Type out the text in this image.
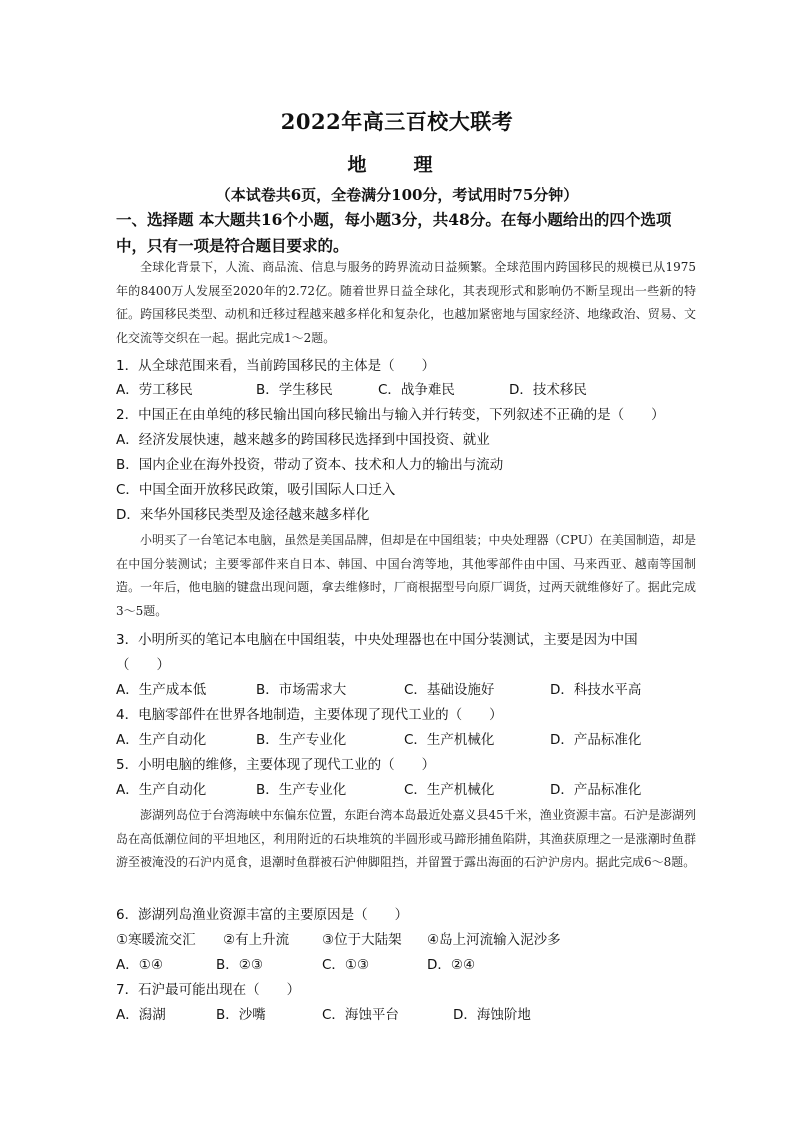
2022年高三百校大联考
地　理
（本试卷共6页，全卷满分100分，考试用时75分钟）
一、选择题 本大题共16个小题，每小题3分，共48分。在每小题给出的四个选项中，只有一项是符合题目要求的。
全球化背景下，人流、商品流、信息与服务的跨界流动日益频繁。全球范围内跨国移民的规模已从1975年的8400万人发展至2020年的2.72亿。随着世界日益全球化，其表现形式和影响仍不断呈现出一些新的特征。跨国移民类型、动机和迁移过程越来越多样化和复杂化，也越加紧密地与国家经济、地缘政治、贸易、文化交流等交织在一起。据此完成1～2题。
1．从全球范围来看，当前跨国移民的主体是（　　）
A．劳工移民	B．学生移民	C．战争难民	D．技术移民
2．中国正在由单纯的移民输出国向移民输出与输入并行转变，下列叙述不正确的是（　　）
A．经济发展快速，越来越多的跨国移民选择到中国投资、就业
B．国内企业在海外投资，带动了资本、技术和人力的输出与流动
C．中国全面开放移民政策，吸引国际人口迁入
D．来华外国移民类型及途径越来越多样化
小明买了一台笔记本电脑，虽然是美国品牌，但却是在中国组装；中央处理器（CPU）在美国制造，却是在中国分装测试；主要零部件来自日本、韩国、中国台湾等地，其他零部件由中国、马来西亚、越南等国制造。一年后，他电脑的键盘出现问题，拿去维修时，厂商根据型号向原厂调货，过两天就维修好了。据此完成3～5题。
3．小明所买的笔记本电脑在中国组装，中央处理器也在中国分装测试，主要是因为中国
（　　）
A．生产成本低	B．市场需求大	C．基础设施好	D．科技水平高
4．电脑零部件在世界各地制造，主要体现了现代工业的（　　）
A．生产自动化	B．生产专业化	C．生产机械化	D．产品标准化
5．小明电脑的维修，主要体现了现代工业的（　　）
A．生产自动化	B．生产专业化	C．生产机械化	D．产品标准化
澎湖列岛位于台湾海峡中东偏东位置，东距台湾本岛最近处嘉义县45千米，渔业资源丰富。石沪是澎湖列岛在高低潮位间的平坦地区，利用附近的石块堆筑的半圆形或马蹄形捕鱼陷阱，其渔获原理之一是涨潮时鱼群游至被淹没的石沪内觅食，退潮时鱼群被石沪伸脚阻挡，并留置于露出海面的石沪沪房内。据此完成6～8题。
6．澎湖列岛渔业资源丰富的主要原因是（　　）
①寒暖流交汇 ②有上升流 ③位于大陆架 ④岛上河流输入泥沙多
A．①④	B．②③	C．①③	D．②④
7．石沪最可能出现在（　　）
A．潟湖	B．沙嘴	C．海蚀平台	D．海蚀阶地
